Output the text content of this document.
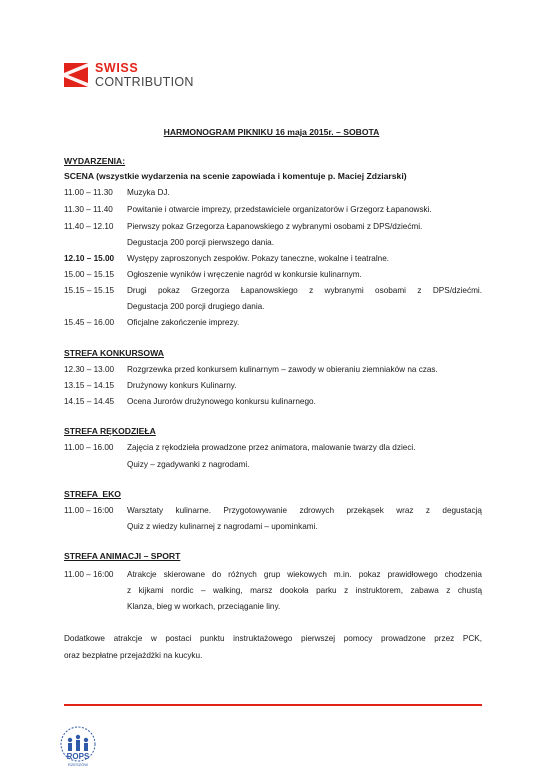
SWISS
CONTRIBUTION
HARMONOGRAM PIKNIKU 16 maja 2015r. – SOBOTA
WYDARZENIA:
SCENA (wszystkie wydarzenia na scenie zapowiada i komentuje p. Maciej Zdziarski)
11.00 – 11.30 Muzyka DJ.
11.30 – 11.40 Powitanie i otwarcie imprezy, przedstawiciele organizatorów i Grzegorz Łapanowski.
11.40 – 12.10 Pierwszy pokaz Grzegorza Łapanowskiego z wybranymi osobami z DPS/dziećmi.
Degustacja 200 porcji pierwszego dania.
12.10 – 15.00 Występy zaproszonych zespołów. Pokazy taneczne, wokalne i teatralne.
15.00 – 15.15 Ogłoszenie wyników i wręczenie nagród w konkursie kulinarnym.
15.15 – 15.15 Drugi pokaz Grzegorza Łapanowskiego z wybranymi osobami z DPS/dziećmi.
Degustacja 200 porcji drugiego dania.
15.45 – 16.00 Oficjalne zakończenie imprezy.
STREFA KONKURSOWA
12.30 – 13.00 Rozgrzewka przed konkursem kulinarnym – zawody w obieraniu ziemniaków na czas.
13.15 – 14.15 Drużynowy konkurs Kulinarny.
14.15 – 14.45 Ocena Jurorów drużynowego konkursu kulinarnego.
STREFA RĘKODZIEŁA
11.00 – 16.00 Zajęcia z rękodzieła prowadzone przez animatora, malowanie twarzy dla dzieci.
Quizy – zgadywanki z nagrodami.
STREFA  EKO
11.00 – 16:00 Warsztaty kulinarne. Przygotowywanie zdrowych przekąsek wraz z degustacją
Quiz z wiedzy kulinarnej z nagrodami – upominkami.
STREFA ANIMACJI – SPORT
11.00 – 16:00 Atrakcje skierowane do różnych grup wiekowych m.in. pokaz prawidłowego chodzenia
z kijkami nordic – walking, marsz dookoła parku z instruktorem, zabawa z chustą
Klanza, bieg w workach, przeciąganie liny.
Dodatkowe atrakcje w postaci punktu instruktażowego pierwszej pomocy prowadzone przez PCK,
oraz bezpłatne przejażdżki na kucyku.
ROPS
RZESZÓW
